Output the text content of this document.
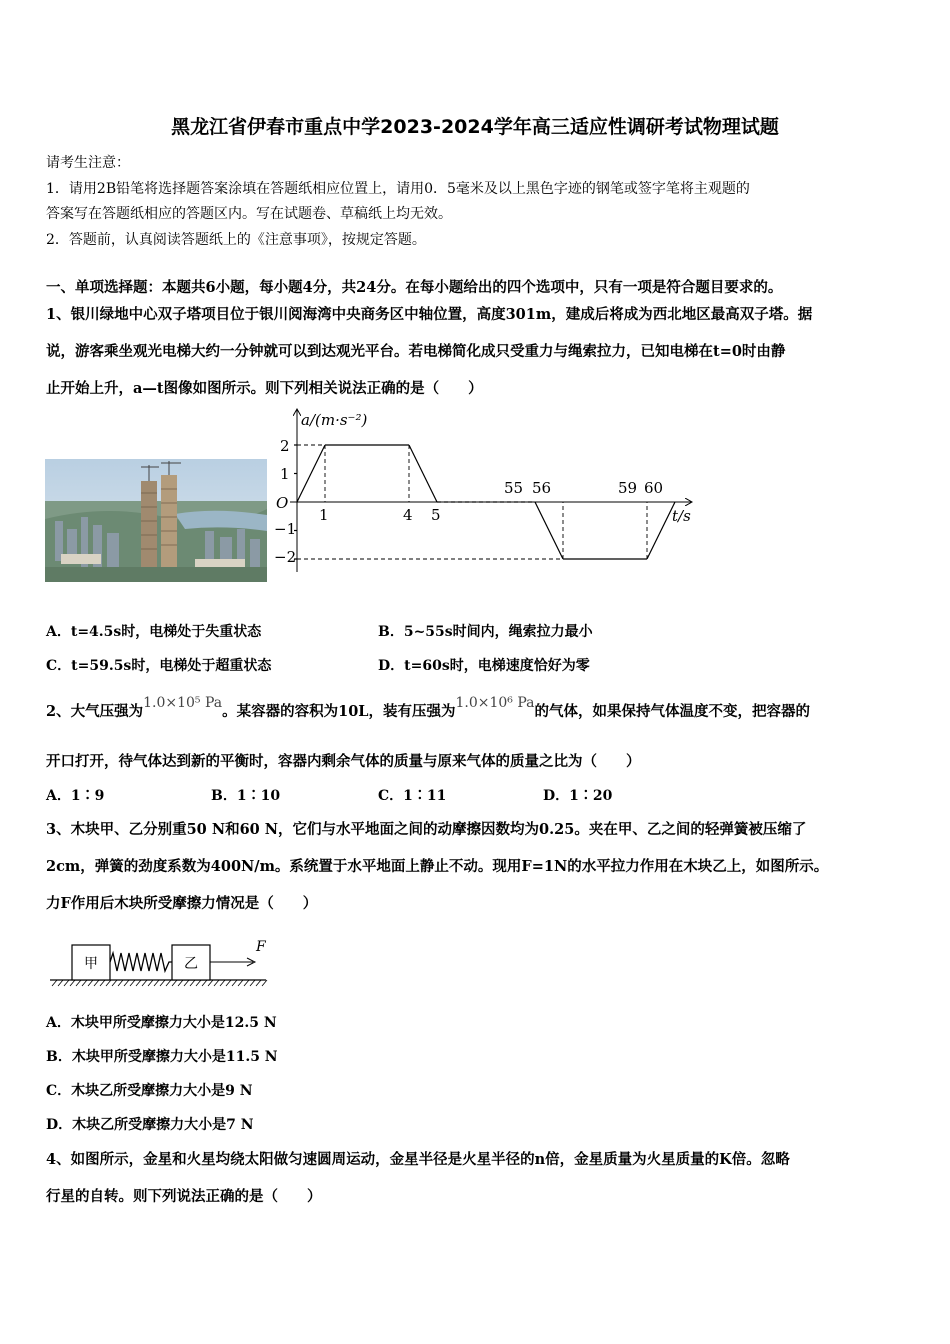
黑龙江省伊春市重点中学2023-2024学年高三适应性调研考试物理试题
请考生注意：
1．请用2B铅笔将选择题答案涂填在答题纸相应位置上，请用0．5毫米及以上黑色字迹的钢笔或签字笔将主观题的
答案写在答题纸相应的答题区内。写在试题卷、草稿纸上均无效。
2．答题前，认真阅读答题纸上的《注意事项》，按规定答题。
一、单项选择题：本题共6小题，每小题4分，共24分。在每小题给出的四个选项中，只有一项是符合题目要求的。
1、银川绿地中心双子塔项目位于银川阅海湾中央商务区中轴位置，高度301m，建成后将成为西北地区最高双子塔。据
说，游客乘坐观光电梯大约一分钟就可以到达观光平台。若电梯简化成只受重力与绳索拉力，已知电梯在t=0时由静
止开始上升，a—t图像如图所示。则下列相关说法正确的是（　　）
a/(m·s⁻²)
t/s
O
2
1
−1
−2
1	4 5
55 56	59 60
A．t=4.5s时，电梯处于失重状态	B．5~55s时间内，绳索拉力最小
C．t=59.5s时，电梯处于超重状态	D．t=60s时，电梯速度恰好为零
2、大气压强为1.0×10⁵ Pa。某容器的容积为10L，装有压强为1.0×10⁶ Pa的气体，如果保持气体温度不变，把容器的
开口打开，待气体达到新的平衡时，容器内剩余气体的质量与原来气体的质量之比为（　　）
A．1∶9	B．1∶10	C．1∶11	D．1∶20
3、木块甲、乙分别重50 N和60 N，它们与水平地面之间的动摩擦因数均为0.25。夹在甲、乙之间的轻弹簧被压缩了
2cm，弹簧的劲度系数为400N/m。系统置于水平地面上静止不动。现用F=1N的水平拉力作用在木块乙上，如图所示。
力F作用后木块所受摩擦力情况是（　　）
甲	乙
F
A．木块甲所受摩擦力大小是12.5 N
B．木块甲所受摩擦力大小是11.5 N
C．木块乙所受摩擦力大小是9 N
D．木块乙所受摩擦力大小是7 N
4、如图所示，金星和火星均绕太阳做匀速圆周运动，金星半径是火星半径的n倍，金星质量为火星质量的K倍。忽略
行星的自转。则下列说法正确的是（　　）
